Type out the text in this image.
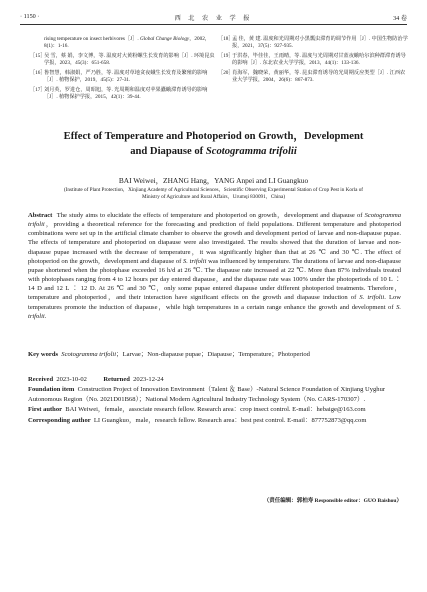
· 1150 ·	西 北 农 业 学 报	34 卷
rising temperature on insect herbivores［J］. Global Change Biology，2002，8(1)：1-16.
［15］
吴 雪，蔡 娟，李文博，等. 温度对大黄粉螺生长发育的影响［J］. 环境昆虫学报，2023，45(3)：651-658.
［16］
鲁智慧，韩淑娟，严乃胜，等. 温度对草地贪夜蛾生长发育及繁殖的影响［J］. 植物保护，2019，45(5)：27-31.
［17］
刘月英，罗进仓，周昭旭，等. 光周期和温度对苹果蠹蛾滞育诱导的影响［J］. 植物保护学报，2015，42(1)：39-44.
［18］
孟 佳，黄 建. 温度和光周期对小黑瓢虫滞育的调节作用［J］. 中国生物防治学报，2021，37(5)：927-935.
［19］
于洪春，毕佳佳，王雨晴，等. 温度与光周期对甘蓝夜蛾哈尔滨种群滞育诱导的影响［J］. 东北农业大学学报，2013，44(1)：133-136.
［20］
肖海军，魏晓荣，黄丽华，等. 昆虫滞育诱导的光周期反应类型［J］. 江西农业大学学报，2004，26(6)：867-873.
Effect of Temperature and Photoperiod on Growth，Development
and Diapause of Scotogramma trifolii
BAI Weiwei，ZHANG Hang，YANG Anpei and LI Guangkuo
(Institute of Plant Protection，Xinjiang Academy of Agricultural Sciences，Scientific Observing Experimental Station of Crop Pest in Korla of Ministry of Agriculture and Rural Affairs，Urumqi 830091，China)
Abstract The study aims to elucidate the effects of temperature and photoperiod on growth，development and diapause of Scotogramma trifolii，providing a theoretical reference for the forecasting and prediction of field populations. Different temperature and photoperiod combinations were set up in the artificial climate chamber to observe the growth and development period of larvae and non-diapause pupae. The effects of temperature and photoperiod on diapause were also investigated. The results showed that the duration of larvae and non-diapause pupae increased with the decrease of temperature，it was significantly higher than that at 26 ℃ and 30 ℃. The effect of photoperiod on the growth，development and diapause of S. trifolii was influenced by temperature. The durations of larvae and non-diapause pupae shortened when the photophase exceeded 16 h/d at 26 ℃. The diapause rate increased at 22 ℃. More than 87% individuals treated with photophases ranging from 4 to 12 hours per day entered diapause，and the diapause rate was 100% under the photoperiods of 10 L ∶ 14 D and 12 L ∶ 12 D. At 26 ℃ and 30 ℃，only some pupae entered diapause under different photoperiod treatments. Therefore，temperature and photoperiod，and their interaction have significant effects on the growth and diapause induction of S. trifolii. Low temperatures promote the induction of diapause，while high temperatures in a certain range enhance the growth and development of S. trifolii.
Key words Scotogramma trifolii；Larvae；Non-diapause pupae；Diapause；Temperature；Photoperiod
Received 2023-10-02	Returned 2023-12-24
Foundation item Construction Project of Innovation Environment（Talent ＆ Base）-Natural Science Foundation of Xinjiang Uyghur Autonomous Region（No. 2021D01B68）；National Modern Agricultural Industry Technology System（No. CARS-170307）.
First author BAI Weiwei，female，associate research fellow. Research area：crop insect control. E-mail：hebaige@163.com
Corresponding author LI Guangkuo，male，research fellow. Research area：best pest control. E-mail：877752873@qq.com
（责任编辑：郭柏寿 Responsible editor：GUO Baishou）
